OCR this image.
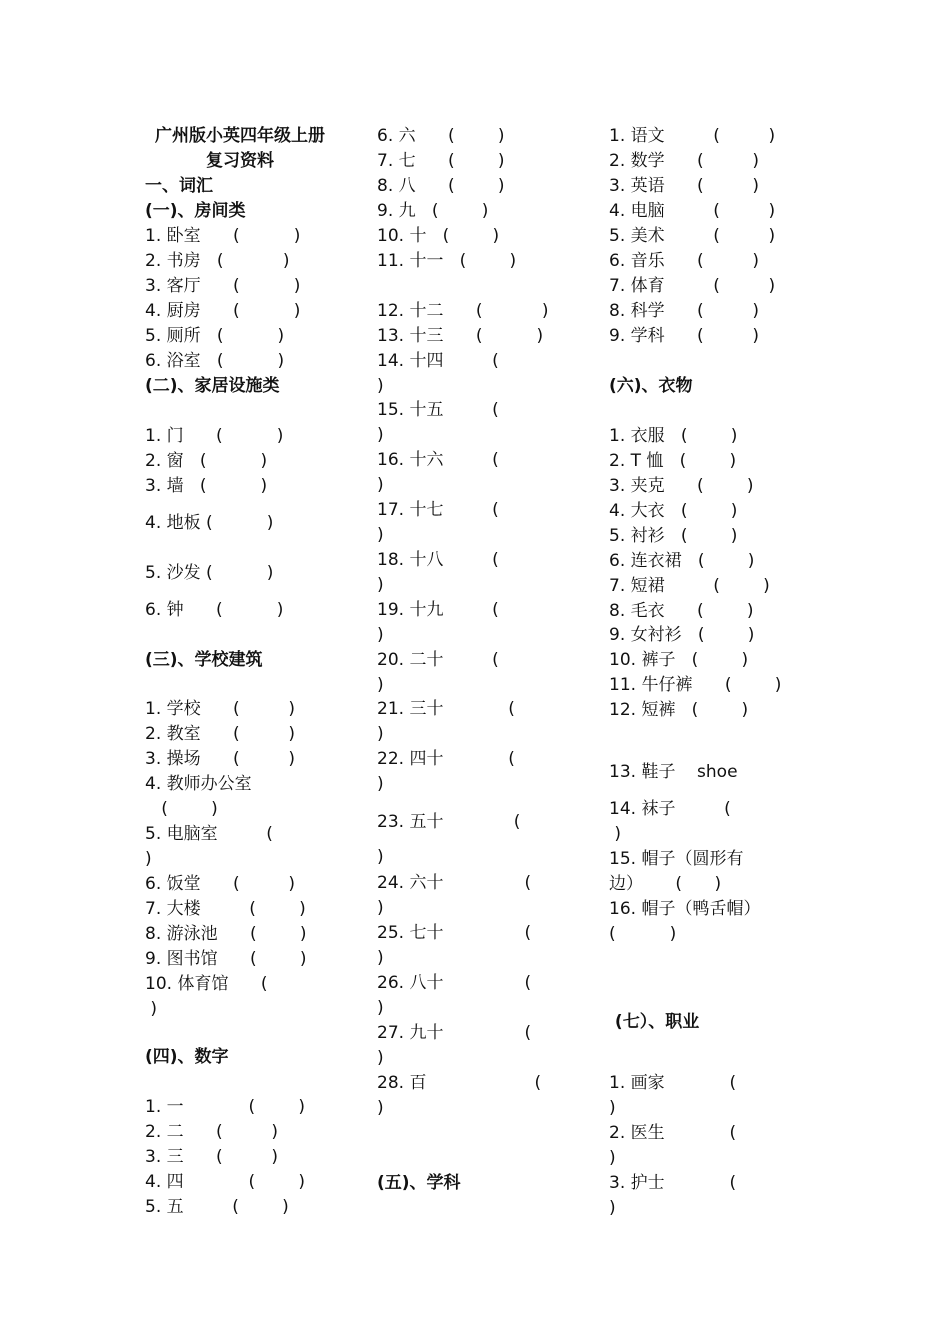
广州版小英四年级上册

复习资料

一、词汇

(一)、房间类

1. 卧室      (          )

2. 书房   (           )

3. 客厅      (          )

4. 厨房      (          )

5. 厕所   (          )

6. 浴室   (          )

(二)、家居设施类

1. 门      (          )

2. 窗   (          )

3. 墙   (          )

4. 地板 (          )

5. 沙发 (          )

6. 钟      (          )

(三)、学校建筑

1. 学校      (         )

2. 教室      (         )

3. 操场      (         )

4. 教师办公室

(        )

5. 电脑室         (

)

6. 饭堂      (         )

7. 大楼         (        )

8. 游泳池      (        )

9. 图书馆      (        )

10. 体育馆      (

)

(四)、数字

1. 一            (        )

2. 二      (         )

3. 三      (         )

4. 四            (        )

5. 五         (        )

6. 六      (        )

7. 七      (        )

8. 八      (        )

9. 九   (        )

10. 十   (        )

11. 十一   (        )

12. 十二      (           )

13. 十三      (          )

14. 十四         (

)

15. 十五         (

)

16. 十六         (

)

17. 十七         (

)

18. 十八         (

)

19. 十九         (

)

20. 二十         (

)

21. 三十            (

)

22. 四十            (

)

23. 五十             (

)

24. 六十               (

)

25. 七十               (

)

26. 八十               (

)

27. 九十               (

)

28. 百                    (

)

(五)、学科

1. 语文         (         )

2. 数学      (         )

3. 英语      (         )

4. 电脑         (         )

5. 美术         (         )

6. 音乐      (         )

7. 体育         (         )

8. 科学      (         )

9. 学科      (         )

(六)、衣物

1. 衣服   (        )

2. T 恤   (        )

3. 夹克      (        )

4. 大衣   (        )

5. 衬衫   (        )

6. 连衣裙   (        )

7. 短裙         (        )

8. 毛衣      (        )

9. 女衬衫   (        )

10. 裤子   (        )

11. 牛仔裤      (        )

12. 短裤   (        )

13. 鞋子    shoe

14. 袜子         (

)

15. 帽子（圆形有

边）      (      )

16. 帽子（鸭舌帽）

(          )

(七）、职业

1. 画家            (

)

2. 医生            (

)

3. 护士            (

)
